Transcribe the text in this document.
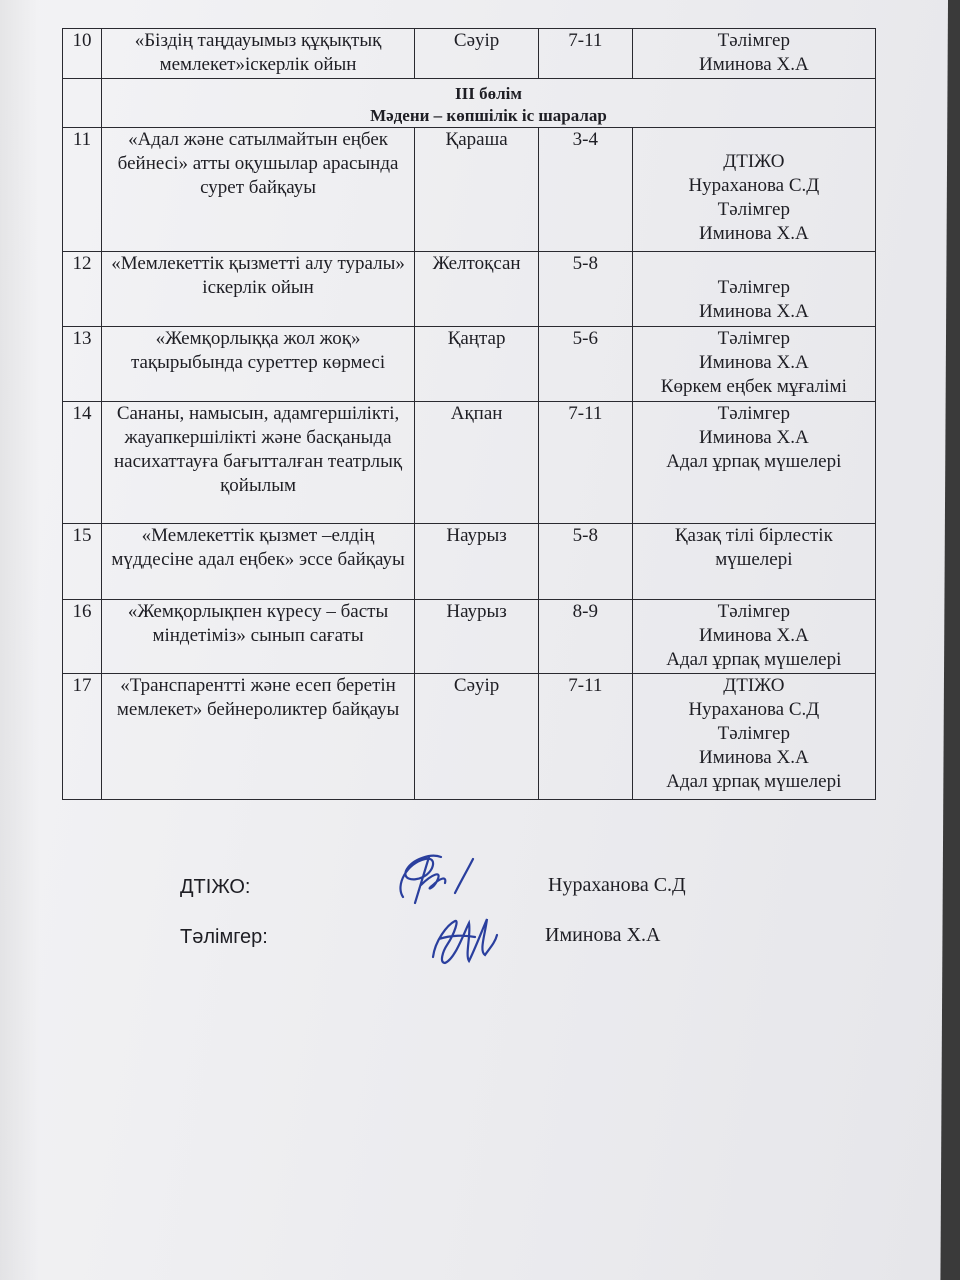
10	«Біздің таңдауымыз құқықтық мемлекет»іскерлік ойын	Сәуір	7-11	Тәлімгер
Иминова Х.А

	ІІІ бөлім
Мәдени – көпшілік іс шаралар			

11	«Адал және сатылмайтын еңбек бейнесі» атты оқушылар арасында сурет байқауы	Қараша	3-4	ДТІЖО
Нураханова С.Д
Тәлімгер
Иминова Х.А

12	«Мемлекеттік қызметті алу туралы» іскерлік ойын	Желтоқсан	5-8	Тәлімгер
Иминова Х.А

13	«Жемқорлыққа жол жоқ» тақырыбында суреттер көрмесі	Қаңтар	5-6	Тәлімгер
Иминова Х.А
Көркем еңбек мұғалімі

14	Сананы, намысын, адамгершілікті, жауапкершілікті және басқаныда насихаттауға бағытталған театрлық қойылым	Ақпан	7-11	Тәлімгер
Иминова Х.А
Адал ұрпақ мүшелері

15	«Мемлекеттік қызмет –елдің мүддесіне адал еңбек» эссе байқауы	Наурыз	5-8	Қазақ тілі бірлестік мүшелері
16	«Жемқорлықпен күресу – басты міндетіміз» сынып сағаты	Наурыз	8-9	Тәлімгер
Иминова Х.А
Адал ұрпақ мүшелері

17	«Транспарентті және есеп беретін мемлекет» бейнероликтер байқауы	Сәуір	7-11	ДТІЖО
Нураханова С.Д
Тәлімгер
Иминова Х.А
Адал ұрпақ мүшелері
ДТІЖО:	Нураханова С.Д
Тәлімгер:	Иминова Х.А
